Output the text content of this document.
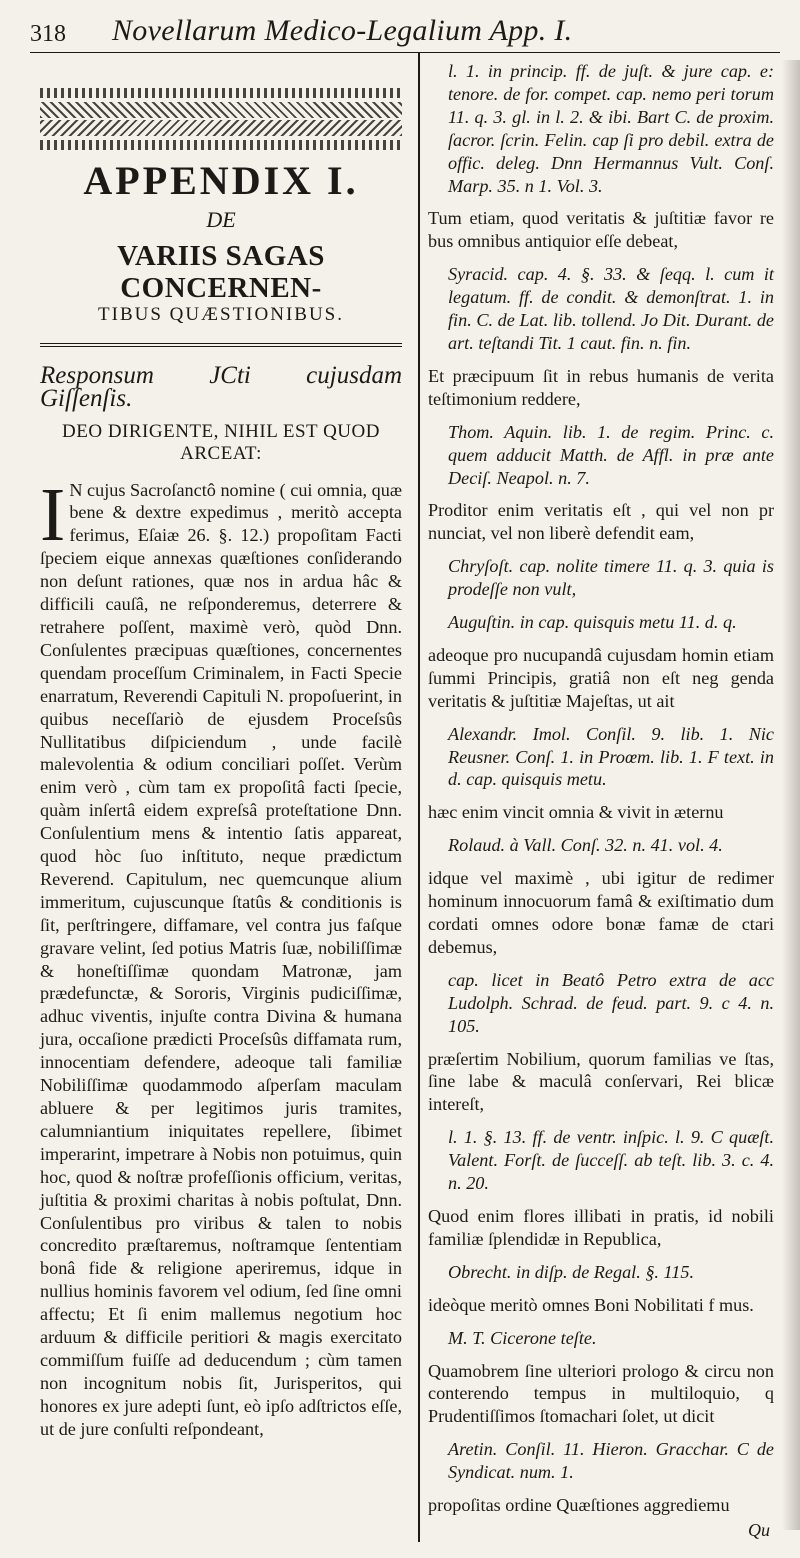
318	Novellarum Medico-Legalium App. I.
APPENDIX I.
DE
VARIIS SAGAS CONCERNEN-
TIBUS QUÆSTIONIBUS.
Responsum JCti cujusdam Giſſenſis.
DEO DIRIGENTE, NIHIL EST QUOD ARCEAT:

IN cujus Sacroſanctô nomine ( cui omnia, quæ bene & dextre expedimus , meritò accepta ferimus, Eſaiæ 26. §. 12.) propoſitam Facti ſpeciem eique annexas quæſtiones conſiderando non deſunt rationes, quæ nos in ardua hâc & difficili cauſâ, ne reſponderemus, deterrere & retrahere poſſent, maximè verò, quòd Dnn. Conſulentes præcipuas quæſtiones, concernentes quendam proceſſum Criminalem, in Facti Specie enarratum, Reverendi Capituli N. propoſuerint, in quibus neceſſariò de ejusdem Proceſsûs Nullitatibus diſpiciendum , unde facilè malevolentia & odium conciliari poſſet. Verùm enim verò , cùm tam ex propoſitâ facti ſpecie, quàm inſertâ eidem expreſsâ proteſtatione Dnn. Conſulentium mens & intentio ſatis appareat, quod hòc ſuo inſtituto, neque prædictum Reverend. Capitulum, nec quemcunque alium immeritum, cujuscunque ſtatûs & conditionis is ſit, perſtringere, diffamare, vel contra jus faſque gravare velint, ſed potius Matris ſuæ, nobiliſſimæ & honeſtiſſimæ quondam Matronæ, jam prædefunctæ, & Sororis, Virginis pudiciſſimæ, adhuc viventis, injuſte contra Divina & humana jura, occaſione prædicti Proceſsûs diffamata rum, innocentiam defendere, adeoque tali familiæ Nobiliſſimæ quodammodo aſperſam maculam abluere & per legitimos juris tramites, calumniantium iniquitates repellere, ſibimet imperarint, impetrare à Nobis non potuimus, quin hoc, quod & noſtræ profeſſionis officium, veritas, juſtitia & proximi charitas à nobis poſtulat, Dnn. Conſulentibus pro viribus & talen to nobis concredito præſtaremus, noſtramque ſententiam bonâ fide & religione aperiremus, idque in nullius hominis favorem vel odium, ſed ſine omni affectu; Et ſi enim mallemus negotium hoc arduum & difficile peritiori & magis exercitato commiſſum fuiſſe ad deducendum ; cùm tamen non incognitum nobis ſit, Jurisperitos, qui honores ex jure adepti ſunt, eò ipſo adſtrictos eſſe, ut de jure conſulti reſpondeant,

l. 1. in princip. ff. de juſt. & jure cap. e: tenore. de for. compet. cap. nemo peri torum 11. q. 3. gl. in l. 2. & ibi. Bart C. de proxim. ſacror. ſcrin. Felin. cap ſi pro debil. extra de offic. deleg. Dnn Hermannus Vult. Conſ. Marp. 35. n 1. Vol. 3.

Tum etiam, quod veritatis & juſtitiæ favor re bus omnibus antiquior eſſe debeat,

Syracid. cap. 4. §. 33. & ſeqq. l. cum it legatum. ff. de condit. & demonſtrat. 1. in fin. C. de Lat. lib. tollend. Jo Dit. Durant. de art. teſtandi Tit. 1 caut. fin. n. fin.

Et præcipuum ſit in rebus humanis de verita teſtimonium reddere,

Thom. Aquin. lib. 1. de regim. Princ. c. quem adducit Matth. de Affl. in præ ante Deciſ. Neapol. n. 7.

Proditor enim veritatis eſt , qui vel non pr nunciat, vel non liberè defendit eam,

Chryſoſt. cap. nolite timere 11. q. 3. quia is prodeſſe non vult,
Auguſtin. in cap. quisquis metu 11. d. q.

adeoque pro nucupandâ cujusdam homin etiam ſummi Principis, gratiâ non eſt neg genda veritatis & juſtitiæ Majeſtas, ut ait

Alexandr. Imol. Conſil. 9. lib. 1. Nic Reusner. Conſ. 1. in Proœm. lib. 1. F text. in d. cap. quisquis metu.

hæc enim vincit omnia & vivit in æternu

Rolaud. à Vall. Conſ. 32. n. 41. vol. 4.

idque vel maximè , ubi igitur de redimer hominum innocuorum famâ & exiſtimatio dum cordati omnes odore bonæ famæ de ctari debemus,

cap. licet in Beatô Petro extra de acc Ludolph. Schrad. de feud. part. 9. c 4. n. 105.

præſertim Nobilium, quorum familias ve ſtas, ſine labe & maculâ conſervari, Rei blicæ intereſt,

l. 1. §. 13. ff. de ventr. inſpic. l. 9. C quæſt. Valent. Forſt. de ſucceſſ. ab teſt. lib. 3. c. 4. n. 20.

Quod enim flores illibati in pratis, id nobili familiæ ſplendidæ in Republica,

Obrecht. in diſp. de Regal. §. 115.

ideòque meritò omnes Boni Nobilitati f mus.

M. T. Cicerone teſte.

Quamobrem ſine ulteriori prologo & circu non conterendo tempus in multiloquio, q Prudentiſſimos ſtomachari ſolet, ut dicit

Aretin. Conſil. 11. Hieron. Gracchar. C de Syndicat. num. 1.

propoſitas ordine Quæſtiones aggrediemu

Qu
